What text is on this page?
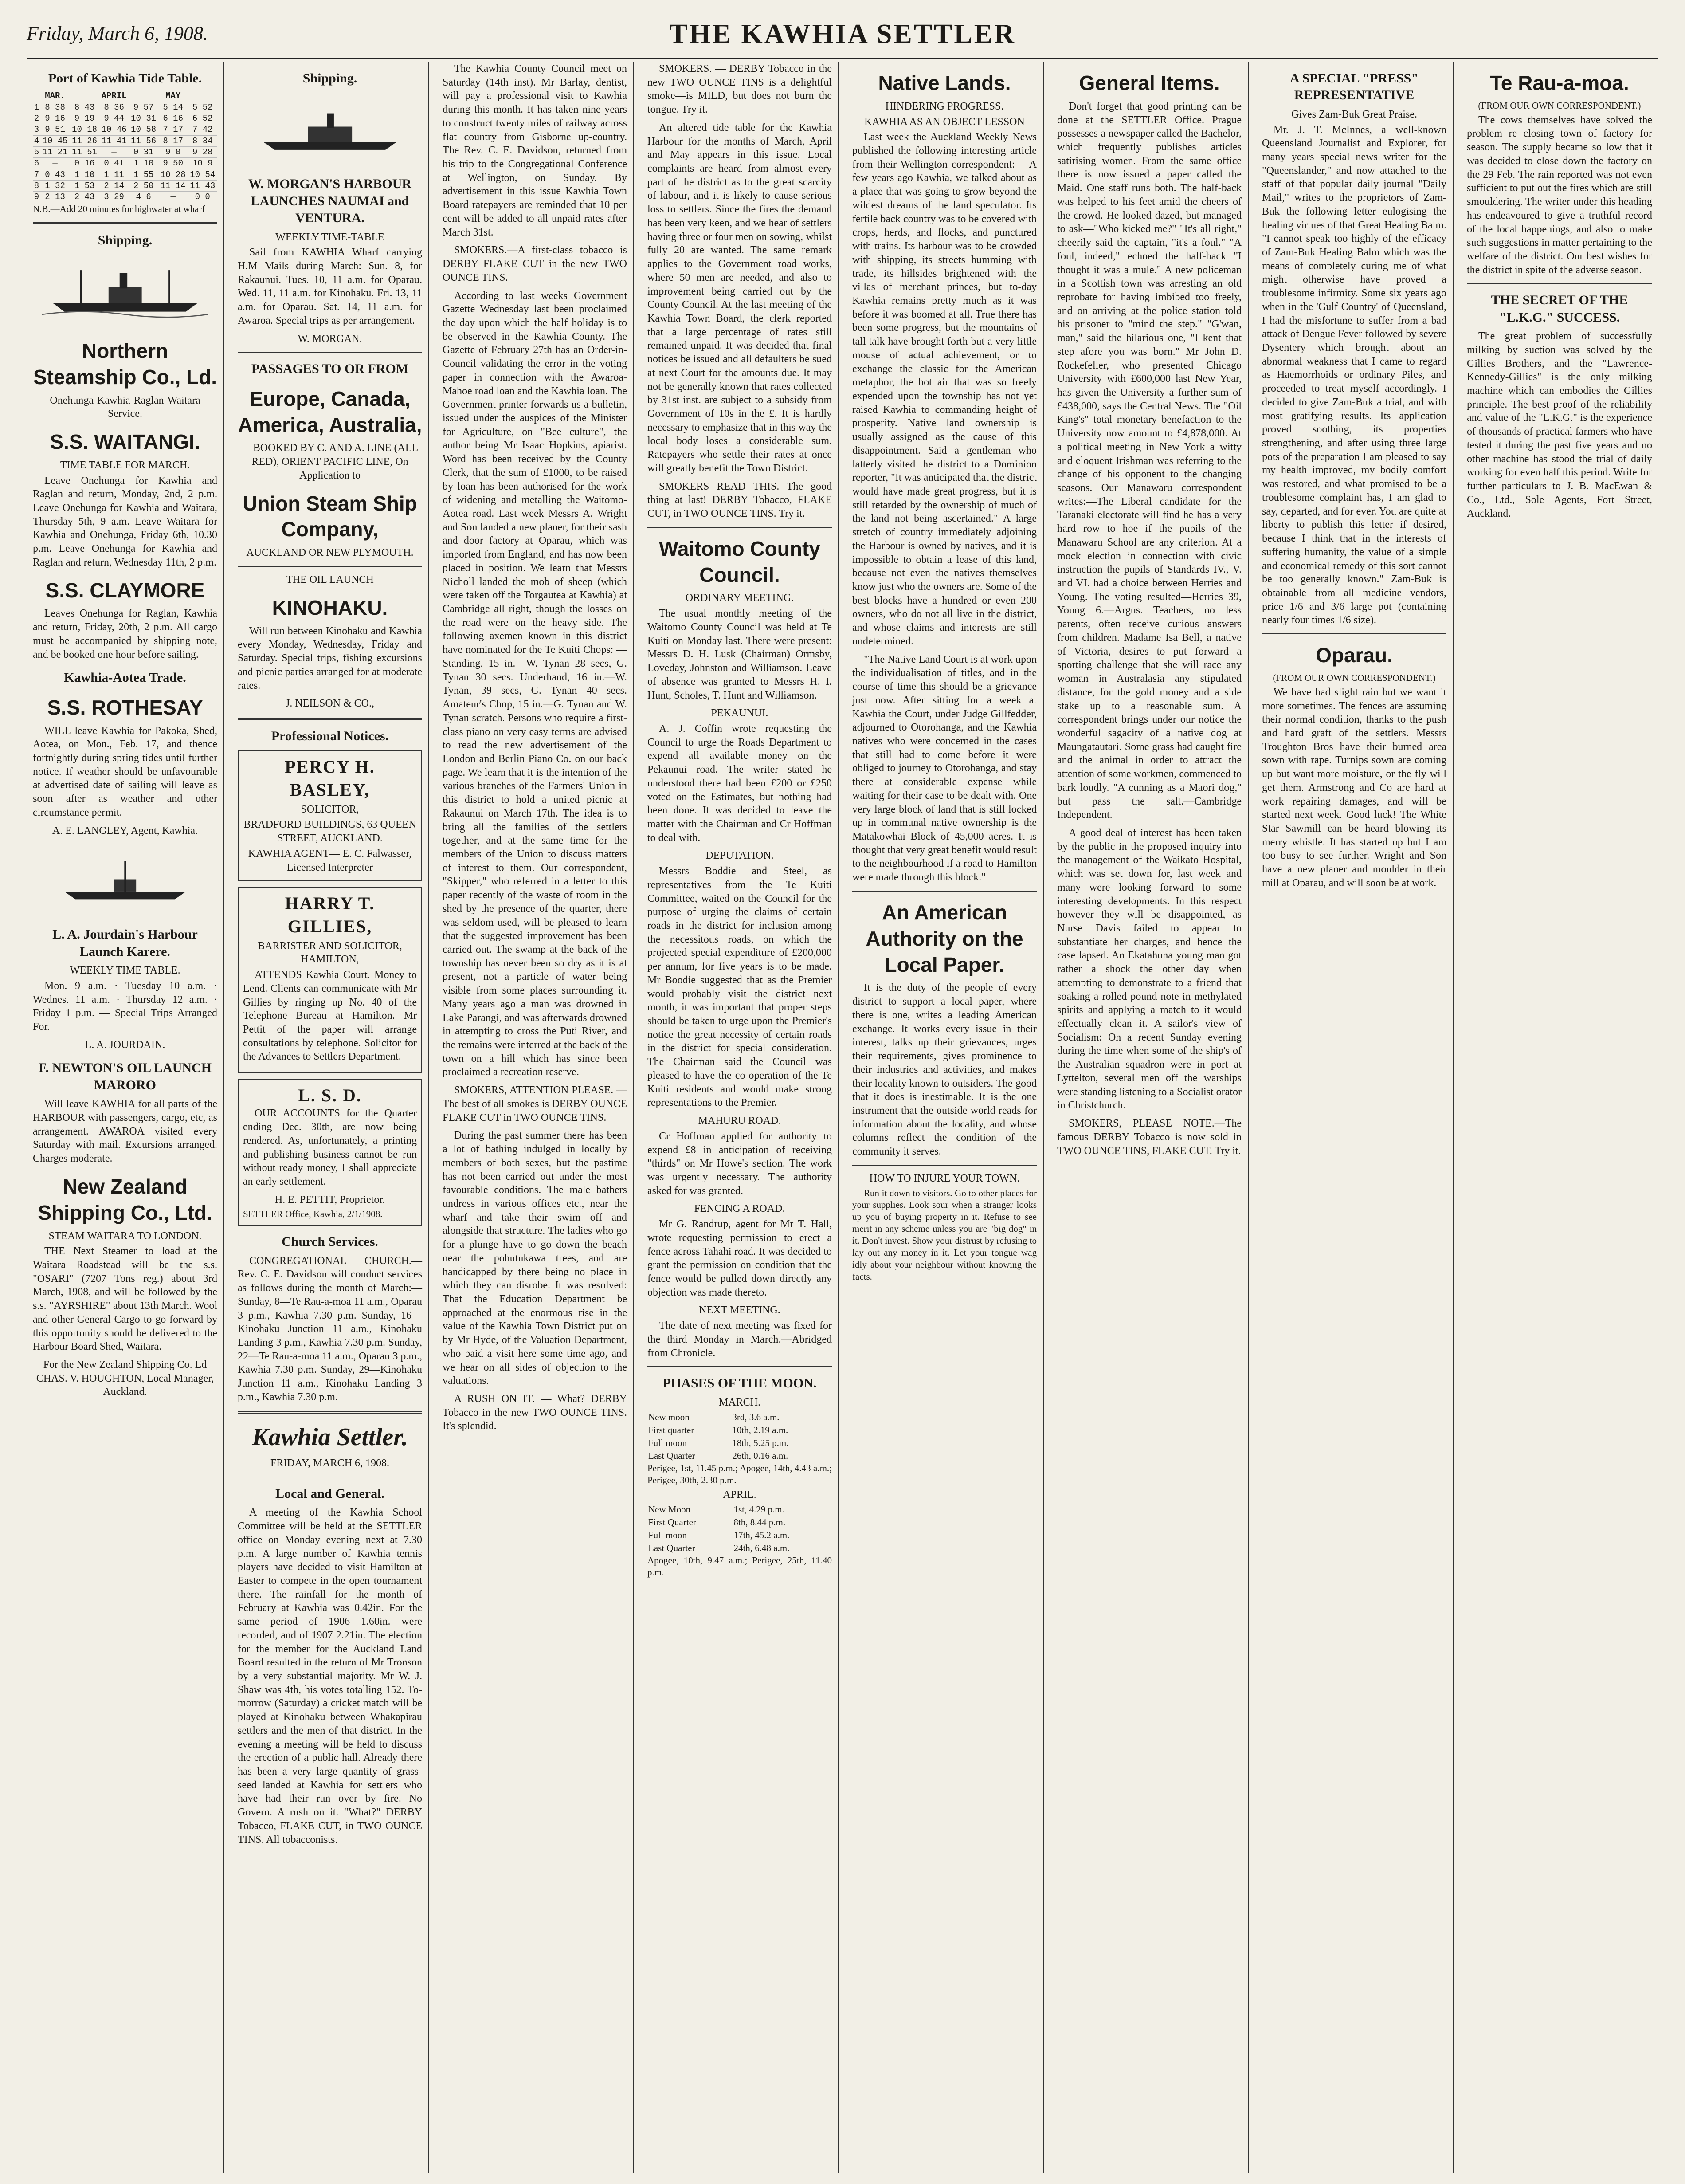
Friday, March 6, 1908.	THE KAWHIA SETTLER
Port of Kawhia Tide Table.
	MAR.		APRIL		MAY	
1	8 38	8 43	8 36	9 57	5 14	5 52
2	9 16	9 19	9 44	10 31	6 16	6 52
3	9 51	10 18	10 46	10 58	7 17	7 42
4	10 45	11 26	11 41	11 56	8 17	8 34
5	11 21	11 51	—	0 31	9 0	9 28
6	—	0 16	0 41	1 10	9 50	10 9
7	0 43	1 10	1 11	1 55	10 28	10 54
8	1 32	1 53	2 14	2 50	11 14	11 43
9	2 13	2 43	3 29	4 6	—	0 0
N.B.—Add 20 minutes for highwater at wharf
Shipping.
Northern Steamship Co., Ld.
Onehunga-Kawhia-Raglan-Waitara Service.
S.S. WAITANGI.
TIME TABLE FOR MARCH.

Leave Onehunga for Kawhia and Raglan and return, Monday, 2nd, 2 p.m. Leave Onehunga for Kawhia and Waitara, Thursday 5th, 9 a.m. Leave Waitara for Kawhia and Onehunga, Friday 6th, 10.30 p.m. Leave Onehunga for Kawhia and Raglan and return, Wednesday 11th, 2 p.m.

S.S. CLAYMORE

Leaves Onehunga for Raglan, Kawhia and return, Friday, 20th, 2 p.m. All cargo must be accompanied by shipping note, and be booked one hour before sailing.

Kawhia-Aotea Trade.
S.S. ROTHESAY

WILL leave Kawhia for Pakoka, Shed, Aotea, on Mon., Feb. 17, and thence fortnightly during spring tides until further notice. If weather should be unfavourable at advertised date of sailing will leave as soon after as weather and other circumstance permit.

A. E. LANGLEY, Agent, Kawhia.
L. A. Jourdain's Harbour Launch Karere.
WEEKLY TIME TABLE.

Mon. 9 a.m. · Tuesday 10 a.m. · Wednes. 11 a.m. · Thursday 12 a.m. · Friday 1 p.m. — Special Trips Arranged For.

L. A. JOURDAIN.
F. NEWTON'S OIL LAUNCH MARORO

Will leave KAWHIA for all parts of the HARBOUR with passengers, cargo, etc, as arrangement. AWAROA visited every Saturday with mail. Excursions arranged. Charges moderate.

New Zealand Shipping Co., Ltd.
STEAM WAITARA TO LONDON.

THE Next Steamer to load at the Waitara Roadstead will be the s.s. "OSARI" (7207 Tons reg.) about 3rd March, 1908, and will be followed by the s.s. "AYRSHIRE" about 13th March. Wool and other General Cargo to go forward by this opportunity should be delivered to the Harbour Board Shed, Waitara.

For the New Zealand Shipping Co. Ld CHAS. V. HOUGHTON, Local Manager, Auckland.
Shipping.
W. MORGAN'S HARBOUR LAUNCHES NAUMAI and VENTURA.
WEEKLY TIME-TABLE

Sail from KAWHIA Wharf carrying H.M Mails during March: Sun. 8, for Rakaunui. Tues. 10, 11 a.m. for Oparau. Wed. 11, 11 a.m. for Kinohaku. Fri. 13, 11 a.m. for Oparau. Sat. 14, 11 a.m. for Awaroa. Special trips as per arrangement.

W. MORGAN.
PASSAGES TO OR FROM
Europe, Canada, America, Australia,

BOOKED BY C. AND A. LINE (ALL RED), ORIENT PACIFIC LINE, On Application to

Union Steam Ship Company,
AUCKLAND OR NEW PLYMOUTH.
THE OIL LAUNCH
KINOHAKU.

Will run between Kinohaku and Kawhia every Monday, Wednesday, Friday and Saturday. Special trips, fishing excursions and picnic parties arranged for at moderate rates.

J. NEILSON & CO.,
Professional Notices.
PERCY H. BASLEY,
SOLICITOR,
BRADFORD BUILDINGS, 63 QUEEN STREET, AUCKLAND.
KAWHIA AGENT— E. C. Falwasser, Licensed Interpreter
HARRY T. GILLIES,
BARRISTER AND SOLICITOR, HAMILTON,

ATTENDS Kawhia Court. Money to Lend. Clients can communicate with Mr Gillies by ringing up No. 40 of the Telephone Bureau at Hamilton. Mr Pettit of the paper will arrange consultations by telephone. Solicitor for the Advances to Settlers Department.

L. S. D.

OUR ACCOUNTS for the Quarter ending Dec. 30th, are now being rendered. As, unfortunately, a printing and publishing business cannot be run without ready money, I shall appreciate an early settlement.

H. E. PETTIT, Proprietor.
SETTLER Office, Kawhia, 2/1/1908.
Church Services.

CONGREGATIONAL CHURCH.—Rev. C. E. Davidson will conduct services as follows during the month of March:— Sunday, 8—Te Rau-a-moa 11 a.m., Oparau 3 p.m., Kawhia 7.30 p.m. Sunday, 16—Kinohaku Junction 11 a.m., Kinohaku Landing 3 p.m., Kawhia 7.30 p.m. Sunday, 22—Te Rau-a-moa 11 a.m., Oparau 3 p.m., Kawhia 7.30 p.m. Sunday, 29—Kinohaku Junction 11 a.m., Kinohaku Landing 3 p.m., Kawhia 7.30 p.m.

Kawhia Settler.
FRIDAY, MARCH 6, 1908.
Local and General.

A meeting of the Kawhia School Committee will be held at the SETTLER office on Monday evening next at 7.30 p.m. A large number of Kawhia tennis players have decided to visit Hamilton at Easter to compete in the open tournament there. The rainfall for the month of February at Kawhia was 0.42in. For the same period of 1906 1.60in. were recorded, and of 1907 2.21in. The election for the member for the Auckland Land Board resulted in the return of Mr Tronson by a very substantial majority. Mr W. J. Shaw was 4th, his votes totalling 152. To-morrow (Saturday) a cricket match will be played at Kinohaku between Whakapirau settlers and the men of that district. In the evening a meeting will be held to discuss the erection of a public hall. Already there has been a very large quantity of grass-seed landed at Kawhia for settlers who have had their run over by fire. No Govern. A rush on it. "What?" DERBY Tobacco, FLAKE CUT, in TWO OUNCE TINS. All tobacconists.

The Kawhia County Council meet on Saturday (14th inst). Mr Barlay, dentist, will pay a professional visit to Kawhia during this month. It has taken nine years to construct twenty miles of railway across flat country from Gisborne up-country. The Rev. C. E. Davidson, returned from his trip to the Congregational Conference at Wellington, on Sunday. By advertisement in this issue Kawhia Town Board ratepayers are reminded that 10 per cent will be added to all unpaid rates after March 31st.

SMOKERS.—A first-class tobacco is DERBY FLAKE CUT in the new TWO OUNCE TINS.

According to last weeks Government Gazette Wednesday last been proclaimed the day upon which the half holiday is to be observed in the Kawhia County. The Gazette of February 27th has an Order-in-Council validating the error in the voting paper in connection with the Awaroa-Mahoe road loan and the Kawhia loan. The Government printer forwards us a bulletin, issued under the auspices of the Minister for Agriculture, on "Bee culture", the author being Mr Isaac Hopkins, apiarist. Word has been received by the County Clerk, that the sum of £1000, to be raised by loan has been authorised for the work of widening and metalling the Waitomo-Aotea road. Last week Messrs A. Wright and Son landed a new planer, for their sash and door factory at Oparau, which was imported from England, and has now been placed in position. We learn that Messrs Nicholl landed the mob of sheep (which were taken off the Torgautea at Kawhia) at Cambridge all right, though the losses on the road were on the heavy side. The following axemen known in this district have nominated for the Te Kuiti Chops: — Standing, 15 in.—W. Tynan 28 secs, G. Tynan 30 secs. Underhand, 16 in.—W. Tynan, 39 secs, G. Tynan 40 secs. Amateur's Chop, 15 in.—G. Tynan and W. Tynan scratch. Persons who require a first-class piano on very easy terms are advised to read the new advertisement of the London and Berlin Piano Co. on our back page. We learn that it is the intention of the various branches of the Farmers' Union in this district to hold a united picnic at Rakaunui on March 17th. The idea is to bring all the families of the settlers together, and at the same time for the members of the Union to discuss matters of interest to them. Our correspondent, "Skipper," who referred in a letter to this paper recently of the waste of room in the shed by the presence of the quarter, there was seldom used, will be pleased to learn that the suggested improvement has been carried out. The swamp at the back of the township has never been so dry as it is at present, not a particle of water being visible from some places surrounding it. Many years ago a man was drowned in Lake Parangi, and was afterwards drowned in attempting to cross the Puti River, and the remains were interred at the back of the town on a hill which has since been proclaimed a recreation reserve.

SMOKERS, ATTENTION PLEASE. —The best of all smokes is DERBY OUNCE FLAKE CUT in TWO OUNCE TINS.

During the past summer there has been a lot of bathing indulged in locally by members of both sexes, but the pastime has not been carried out under the most favourable conditions. The male bathers undress in various offices etc., near the wharf and take their swim off and alongside that structure. The ladies who go for a plunge have to go down the beach near the pohutukawa trees, and are handicapped by there being no place in which they can disrobe. It was resolved: That the Education Department be approached at the enormous rise in the value of the Kawhia Town District put on by Mr Hyde, of the Valuation Department, who paid a visit here some time ago, and we hear on all sides of objection to the valuations.

A RUSH ON IT. — What? DERBY Tobacco in the new TWO OUNCE TINS. It's splendid.

SMOKERS. — DERBY Tobacco in the new TWO OUNCE TINS is a delightful smoke—is MILD, but does not burn the tongue. Try it.

An altered tide table for the Kawhia Harbour for the months of March, April and May appears in this issue. Local complaints are heard from almost every part of the district as to the great scarcity of labour, and it is likely to cause serious loss to settlers. Since the fires the demand has been very keen, and we hear of settlers having three or four men on sowing, whilst fully 20 are wanted. The same remark applies to the Government road works, where 50 men are needed, and also to improvement being carried out by the County Council. At the last meeting of the Kawhia Town Board, the clerk reported that a large percentage of rates still remained unpaid. It was decided that final notices be issued and all defaulters be sued at next Court for the amounts due. It may not be generally known that rates collected by 31st inst. are subject to a subsidy from Government of 10s in the £. It is hardly necessary to emphasize that in this way the local body loses a considerable sum. Ratepayers who settle their rates at once will greatly benefit the Town District.

SMOKERS READ THIS. The good thing at last! DERBY Tobacco, FLAKE CUT, in TWO OUNCE TINS. Try it.

Waitomo County Council.
ORDINARY MEETING.

The usual monthly meeting of the Waitomo County Council was held at Te Kuiti on Monday last. There were present: Messrs D. H. Lusk (Chairman) Ormsby, Loveday, Johnston and Williamson. Leave of absence was granted to Messrs H. I. Hunt, Scholes, T. Hunt and Williamson.

PEKAUNUI.

A. J. Coffin wrote requesting the Council to urge the Roads Department to expend all available money on the Pekaunui road. The writer stated he understood there had been £200 or £250 voted on the Estimates, but nothing had been done. It was decided to leave the matter with the Chairman and Cr Hoffman to deal with.

DEPUTATION.

Messrs Boddie and Steel, as representatives from the Te Kuiti Committee, waited on the Council for the purpose of urging the claims of certain roads in the district for inclusion among the necessitous roads, on which the projected special expenditure of £200,000 per annum, for five years is to be made. Mr Boodie suggested that as the Premier would probably visit the district next month, it was important that proper steps should be taken to urge upon the Premier's notice the great necessity of certain roads in the district for special consideration. The Chairman said the Council was pleased to have the co-operation of the Te Kuiti residents and would make strong representations to the Premier.

MAHURU ROAD.

Cr Hoffman applied for authority to expend £8 in anticipation of receiving "thirds" on Mr Howe's section. The work was urgently necessary. The authority asked for was granted.

FENCING A ROAD.

Mr G. Randrup, agent for Mr T. Hall, wrote requesting permission to erect a fence across Tahahi road. It was decided to grant the permission on condition that the fence would be pulled down directly any objection was made thereto.

NEXT MEETING.

The date of next meeting was fixed for the third Monday in March.—Abridged from Chronicle.

PHASES OF THE MOON.
MARCH.
New moon	3rd, 3.6 a.m.
First quarter	10th, 2.19 a.m.
Full moon	18th, 5.25 p.m.
Last Quarter	26th, 0.16 a.m.
Perigee, 1st, 11.45 p.m.; Apogee, 14th, 4.43 a.m.; Perigee, 30th, 2.30 p.m.
APRIL.
New Moon	1st, 4.29 p.m.
First Quarter	8th, 8.44 p.m.
Full moon	17th, 45.2 a.m.
Last Quarter	24th, 6.48 a.m.
Apogee, 10th, 9.47 a.m.; Perigee, 25th, 11.40 p.m.
Native Lands.
HINDERING PROGRESS.
KAWHIA AS AN OBJECT LESSON

Last week the Auckland Weekly News published the following interesting article from their Wellington correspondent:— A few years ago Kawhia, we talked about as a place that was going to grow beyond the wildest dreams of the land speculator. Its fertile back country was to be covered with crops, herds, and flocks, and punctured with trains. Its harbour was to be crowded with shipping, its streets humming with trade, its hillsides brightened with the villas of merchant princes, but to-day Kawhia remains pretty much as it was before it was boomed at all. True there has been some progress, but the mountains of tall talk have brought forth but a very little mouse of actual achievement, or to exchange the classic for the American metaphor, the hot air that was so freely expended upon the township has not yet raised Kawhia to commanding height of prosperity. Native land ownership is usually assigned as the cause of this disappointment. Said a gentleman who latterly visited the district to a Dominion reporter, "It was anticipated that the district would have made great progress, but it is still retarded by the ownership of much of the land not being ascertained." A large stretch of country immediately adjoining the Harbour is owned by natives, and it is impossible to obtain a lease of this land, because not even the natives themselves know just who the owners are. Some of the best blocks have a hundred or even 200 owners, who do not all live in the district, and whose claims and interests are still undetermined.

"The Native Land Court is at work upon the individualisation of titles, and in the course of time this should be a grievance just now. After sitting for a week at Kawhia the Court, under Judge Gillfedder, adjourned to Otorohanga, and the Kawhia natives who were concerned in the cases that still had to come before it were obliged to journey to Otorohanga, and stay there at considerable expense while waiting for their case to be dealt with. One very large block of land that is still locked up in communal native ownership is the Matakowhai Block of 45,000 acres. It is thought that very great benefit would result to the neighbourhood if a road to Hamilton were made through this block."

An American Authority on the Local Paper.

It is the duty of the people of every district to support a local paper, where there is one, writes a leading American exchange. It works every issue in their interest, talks up their grievances, urges their requirements, gives prominence to their industries and activities, and makes their locality known to outsiders. The good that it does is inestimable. It is the one instrument that the outside world reads for information about the locality, and whose columns reflect the condition of the community it serves.

HOW TO INJURE YOUR TOWN.

Run it down to visitors. Go to other places for your supplies. Look sour when a stranger looks up you of buying property in it. Refuse to see merit in any scheme unless you are "big dog" in it. Don't invest. Show your distrust by refusing to lay out any money in it. Let your tongue wag idly about your neighbour without knowing the facts.

General Items.

Don't forget that good printing can be done at the SETTLER Office. Prague possesses a newspaper called the Bachelor, which frequently publishes articles satirising women. From the same office there is now issued a paper called the Maid. One staff runs both. The half-back was helped to his feet amid the cheers of the crowd. He looked dazed, but managed to ask—"Who kicked me?" "It's all right," cheerily said the captain, "it's a foul." "A foul, indeed," echoed the half-back "I thought it was a mule." A new policeman in a Scottish town was arresting an old reprobate for having imbibed too freely, and on arriving at the police station told his prisoner to "mind the step." "G'wan, man," said the hilarious one, "I kent that step afore you was born." Mr John D. Rockefeller, who presented Chicago University with £600,000 last New Year, has given the University a further sum of £438,000, says the Central News. The "Oil King's" total monetary benefaction to the University now amount to £4,878,000. At a political meeting in New York a witty and eloquent Irishman was referring to the change of his opponent to the changing seasons. Our Manawaru correspondent writes:—The Liberal candidate for the Taranaki electorate will find he has a very hard row to hoe if the pupils of the Manawaru School are any criterion. At a mock election in connection with civic instruction the pupils of Standards IV., V. and VI. had a choice between Herries and Young. The voting resulted—Herries 39, Young 6.—Argus. Teachers, no less parents, often receive curious answers from children. Madame Isa Bell, a native of Victoria, desires to put forward a sporting challenge that she will race any woman in Australasia any stipulated distance, for the gold money and a side stake up to a reasonable sum. A correspondent brings under our notice the wonderful sagacity of a native dog at Maungatautari. Some grass had caught fire and the animal in order to attract the attention of some workmen, commenced to bark loudly. "A cunning as a Maori dog," but pass the salt.—Cambridge Independent.

A good deal of interest has been taken by the public in the proposed inquiry into the management of the Waikato Hospital, which was set down for, last week and many were looking forward to some interesting developments. In this respect however they will be disappointed, as Nurse Davis failed to appear to substantiate her charges, and hence the case lapsed. An Ekatahuna young man got rather a shock the other day when attempting to demonstrate to a friend that soaking a rolled pound note in methylated spirits and applying a match to it would effectually clean it. A sailor's view of Socialism: On a recent Sunday evening during the time when some of the ship's of the Australian squadron were in port at Lyttelton, several men off the warships were standing listening to a Socialist orator in Christchurch.

SMOKERS, PLEASE NOTE.—The famous DERBY Tobacco is now sold in TWO OUNCE TINS, FLAKE CUT. Try it.

A SPECIAL "PRESS" REPRESENTATIVE
Gives Zam-Buk Great Praise.

Mr. J. T. McInnes, a well-known Queensland Journalist and Explorer, for many years special news writer for the "Queenslander," and now attached to the staff of that popular daily journal "Daily Mail," writes to the proprietors of Zam-Buk the following letter eulogising the healing virtues of that Great Healing Balm. "I cannot speak too highly of the efficacy of Zam-Buk Healing Balm which was the means of completely curing me of what might otherwise have proved a troublesome infirmity. Some six years ago when in the 'Gulf Country' of Queensland, I had the misfortune to suffer from a bad attack of Dengue Fever followed by severe Dysentery which brought about an abnormal weakness that I came to regard as Haemorrhoids or ordinary Piles, and proceeded to treat myself accordingly. I decided to give Zam-Buk a trial, and with most gratifying results. Its application proved soothing, its properties strengthening, and after using three large pots of the preparation I am pleased to say my health improved, my bodily comfort was restored, and what promised to be a troublesome complaint has, I am glad to say, departed, and for ever. You are quite at liberty to publish this letter if desired, because I think that in the interests of suffering humanity, the value of a simple and economical remedy of this sort cannot be too generally known." Zam-Buk is obtainable from all medicine vendors, price 1/6 and 3/6 large pot (containing nearly four times 1/6 size).

Oparau.
(FROM OUR OWN CORRESPONDENT.)

We have had slight rain but we want it more sometimes. The fences are assuming their normal condition, thanks to the push and hard graft of the settlers. Messrs Troughton Bros have their burned area sown with rape. Turnips sown are coming up but want more moisture, or the fly will get them. Armstrong and Co are hard at work repairing damages, and will be started next week. Good luck! The White Star Sawmill can be heard blowing its merry whistle. It has started up but I am too busy to see further. Wright and Son have a new planer and moulder in their mill at Oparau, and will soon be at work.

Te Rau-a-moa.
(FROM OUR OWN CORRESPONDENT.)

The cows themselves have solved the problem re closing town of factory for season. The supply became so low that it was decided to close down the factory on the 29 Feb. The rain reported was not even sufficient to put out the fires which are still smouldering. The writer under this heading has endeavoured to give a truthful record of the local happenings, and also to make such suggestions in matter pertaining to the welfare of the district. Our best wishes for the district in spite of the adverse season.

THE SECRET OF THE "L.K.G." SUCCESS.

The great problem of successfully milking by suction was solved by the Gillies Brothers, and the "Lawrence-Kennedy-Gillies" is the only milking machine which can embodies the Gillies principle. The best proof of the reliability and value of the "L.K.G." is the experience of thousands of practical farmers who have tested it during the past five years and no other machine has stood the trial of daily working for even half this period. Write for further particulars to J. B. MacEwan & Co., Ltd., Sole Agents, Fort Street, Auckland.
